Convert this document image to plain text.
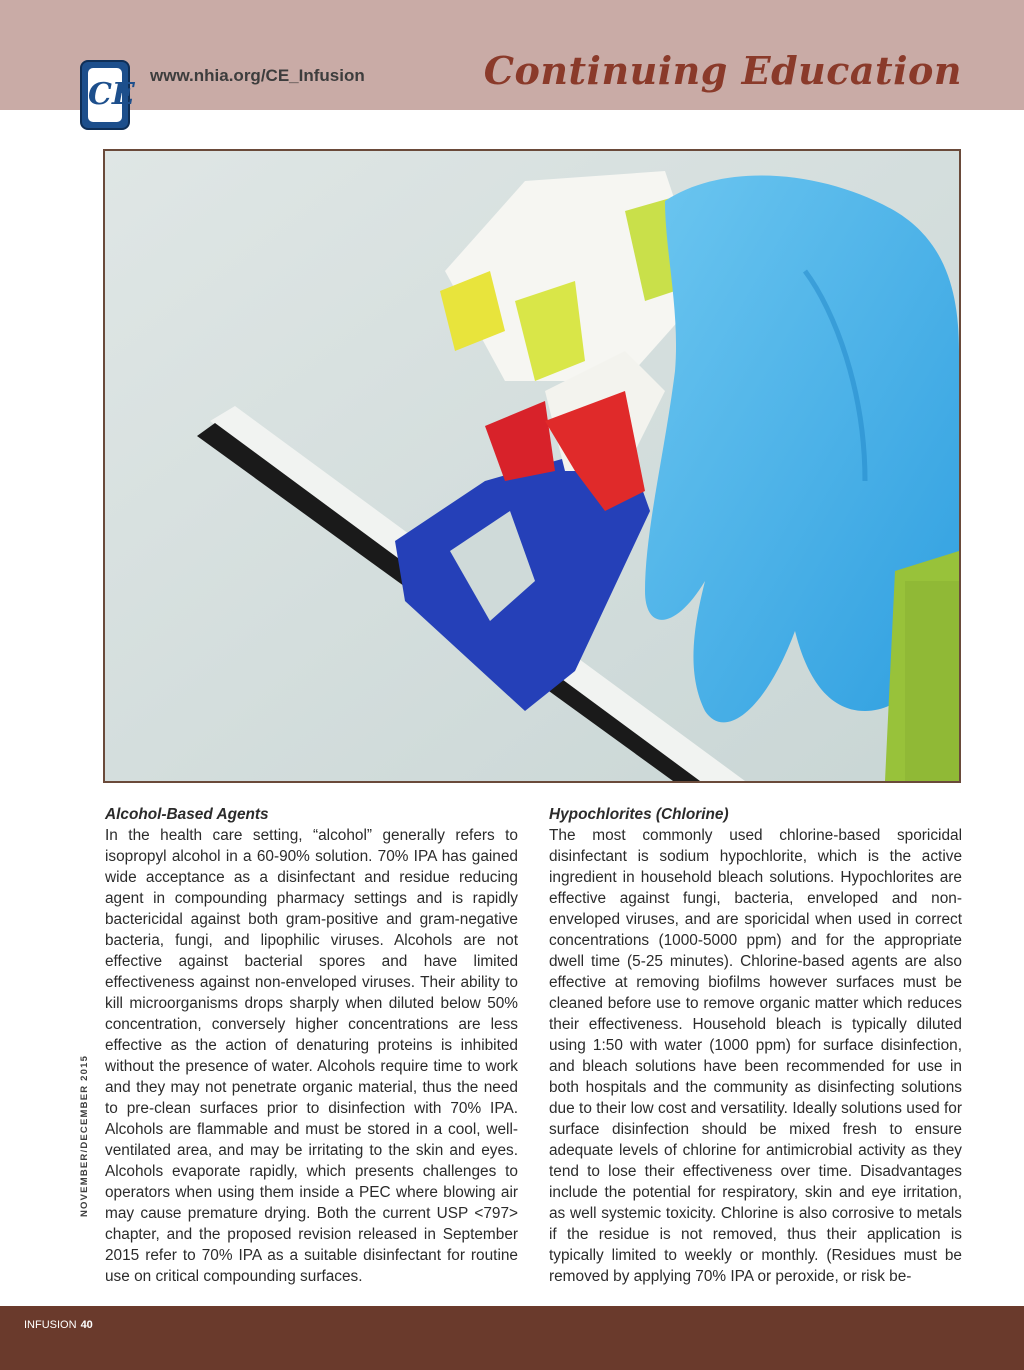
CE
www.nhia.org/CE_Infusion	Continuing Education

Alcohol-Based Agents

In the health care setting, “alcohol” generally refers to isopropyl alcohol in a 60-90% solution. 70% IPA has gained wide acceptance as a disinfectant and residue reducing agent in compounding pharmacy settings and is rapidly bactericidal against both gram-positive and gram-negative bacteria, fungi, and lipophilic viruses. Alcohols are not effective against bacterial spores and have limited effectiveness against non-enveloped viruses. Their ability to kill microorganisms drops sharply when diluted below 50% concentration, conversely higher concentrations are less effective as the action of denaturing proteins is inhibited without the presence of water. Alcohols require time to work and they may not penetrate organic material, thus the need to pre-clean surfaces prior to disinfection with 70% IPA. Alcohols are flammable and must be stored in a cool, well-ventilated area, and may be irritating to the skin and eyes. Alcohols evaporate rapidly, which presents challenges to operators when using them inside a PEC where blowing air may cause premature drying. Both the current USP <797> chapter, and the proposed revision released in September 2015 refer to 70% IPA as a suitable disinfectant for routine use on critical compounding surfaces.

Hypochlorites (Chlorine)

The most commonly used chlorine-based sporicidal disinfectant is sodium hypochlorite, which is the active ingredient in household bleach solutions. Hypochlorites are effective against fungi, bacteria, enveloped and non-enveloped viruses, and are sporicidal when used in correct concentrations (1000-5000 ppm) and for the appropriate dwell time (5-25 minutes). Chlorine-based agents are also effective at removing biofilms however surfaces must be cleaned before use to remove organic matter which reduces their effectiveness. Household bleach is typically diluted using 1:50 with water (1000 ppm) for surface disinfection, and bleach solutions have been recommended for use in both hospitals and the community as disinfecting solutions due to their low cost and versatility. Ideally solutions used for surface disinfection should be mixed fresh to ensure adequate levels of chlorine for antimicrobial activity as they tend to lose their effectiveness over time. Disadvantages include the potential for respiratory, skin and eye irritation, as well systemic toxicity. Chlorine is also corrosive to metals if the residue is not removed, thus their application is typically limited to weekly or monthly. (Residues must be removed by applying 70% IPA or peroxide, or risk be-

NOVEMBER/DECEMBER 2015
INFUSION 40
